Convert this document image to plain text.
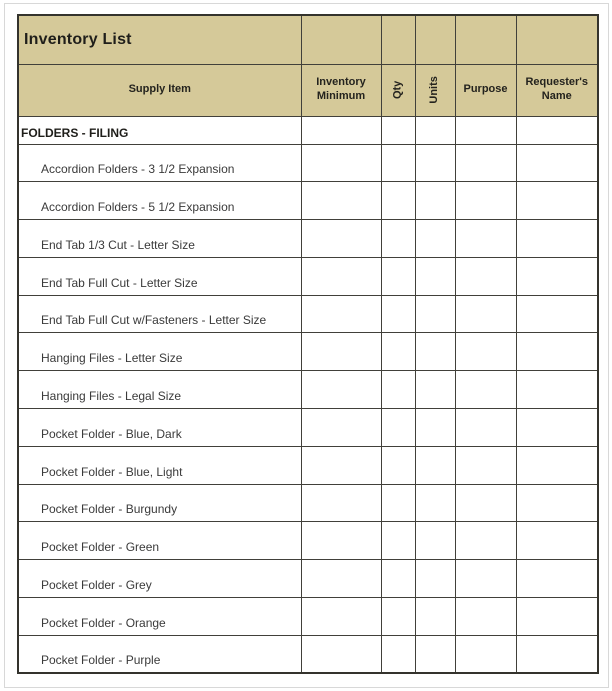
Inventory List					
Supply Item	Inventory Minimum	Qty	Units	Purpose	Requester's Name
FOLDERS - FILING					
Accordion Folders - 3 1/2 Expansion					
Accordion Folders - 5 1/2 Expansion					
End Tab 1/3 Cut - Letter Size					
End Tab Full Cut - Letter Size					
End Tab Full Cut w/Fasteners - Letter Size					
Hanging Files - Letter Size					
Hanging Files - Legal Size					
Pocket Folder - Blue, Dark					
Pocket Folder - Blue, Light					
Pocket Folder - Burgundy					
Pocket Folder - Green					
Pocket Folder - Grey					
Pocket Folder - Orange					
Pocket Folder - Purple					
